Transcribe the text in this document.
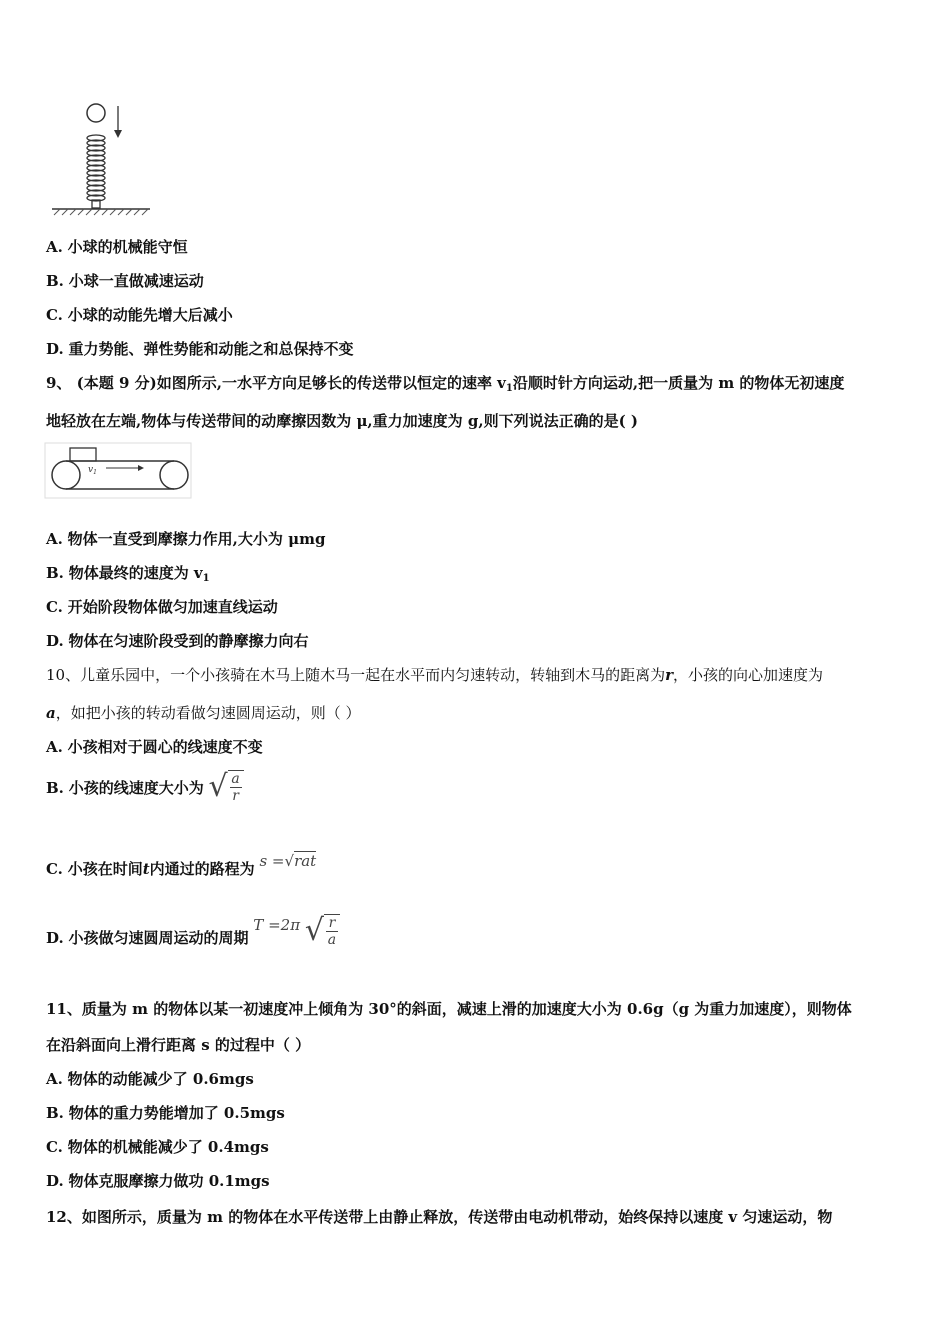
A. 小球的机械能守恒
B. 小球一直做减速运动
C. 小球的动能先增大后减小
D. 重力势能、弹性势能和动能之和总保持不变
9、 (本题 9 分)如图所示,一水平方向足够长的传送带以恒定的速率 $v_1$沿顺时针方向运动,把一质量为 m 的物体无初速度
地轻放在左端,物体与传送带间的动摩擦因数为 μ,重力加速度为 g,则下列说法正确的是( )
$v_1$
A. 物体一直受到摩擦力作用,大小为 μmg
B. 物体最终的速度为 $v_1$
C. 开始阶段物体做匀加速直线运动
D. 物体在匀速阶段受到的静摩擦力向右
10、儿童乐园中，一个小孩骑在木马上随木马一起在水平而内匀速转动，转轴到木马的距离为r，小孩的向心加速度为
a，如把小孩的转动看做匀速圆周运动，则（ ）
A. 小孩相对于圆心的线速度不变
B. 小孩的线速度大小为 √ $\frac{a}{r}$
C. 小孩在时间t内通过的路程为 s =√rat
D. 小孩做匀速圆周运动的周期 T =2π √ $\frac{r}{a}$
11、质量为 m 的物体以某一初速度冲上倾角为 30°的斜面，减速上滑的加速度大小为 0.6g（g 为重力加速度），则物体
在沿斜面向上滑行距离 s 的过程中（ ）
A. 物体的动能减少了 0.6mgs
B. 物体的重力势能增加了 0.5mgs
C. 物体的机械能减少了 0.4mgs
D. 物体克服摩擦力做功 0.1mgs
12、如图所示，质量为 m 的物体在水平传送带上由静止释放，传送带由电动机带动，始终保持以速度 v 匀速运动，物
